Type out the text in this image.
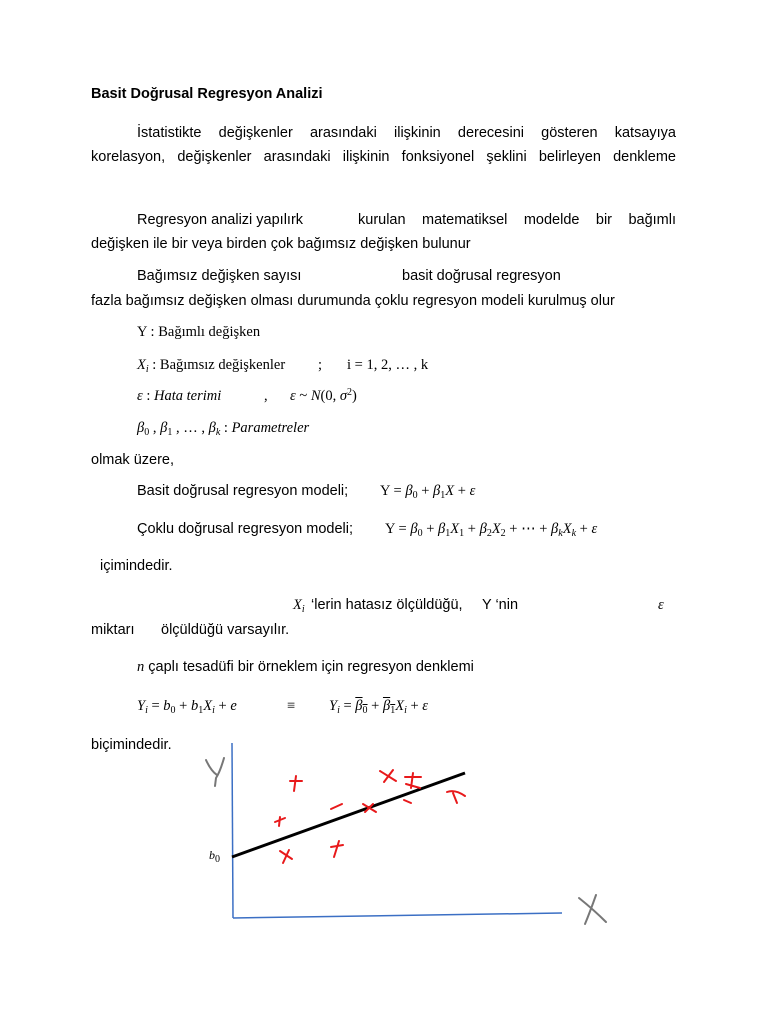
Basit Doğrusal Regresyon Analizi
İstatistikte değişkenler arasındaki ilişkinin derecesini gösteren katsayıya
korelasyon, değişkenler arasındaki ilişkinin fonksiyonel şeklini belirleyen denkleme
Regresyon analizi yapılırk	kurulan matematiksel modelde bir bağımlı
değişken ile bir veya birden çok bağımsız değişken bulunur
Bağımsız değişken sayısı	basit doğrusal regresyon
fazla bağımsız değişken olması durumunda çoklu regresyon modeli kurulmuş olur
Y : Bağımlı değişken
$X_i$ : Bağımsız değişkenler ; i = 1, 2, … , k
ε : Hata terimi	, ε ~ N(0, $\sigma^2$)
$\beta_0$ , $\beta_1$ , … , $\beta_k$ : Parametreler
olmak üzere,
Basit doğrusal regresyon modeli; $Y = \beta_0 + \beta_1X + \varepsilon$
Çoklu doğrusal regresyon modeli; $Y = \beta_0 + \beta_1X_1 + \beta_2X_2$ + ⋯ + $\beta_kX_k + \varepsilon$
içimindedir.
$X_i$ ‘lerin hatasız ölçüldüğü, Y ‘nin	ε
miktarı ölçüldüğü varsayılır.
n çaplı tesadüfi bir örneklem için regresyon denklemi
$Y_i = b_0 + b_1X_i + e$	≡ $Y_i = \beta_0 + \beta_1X_i + \varepsilon$
biçimindedir.
$b_0$
